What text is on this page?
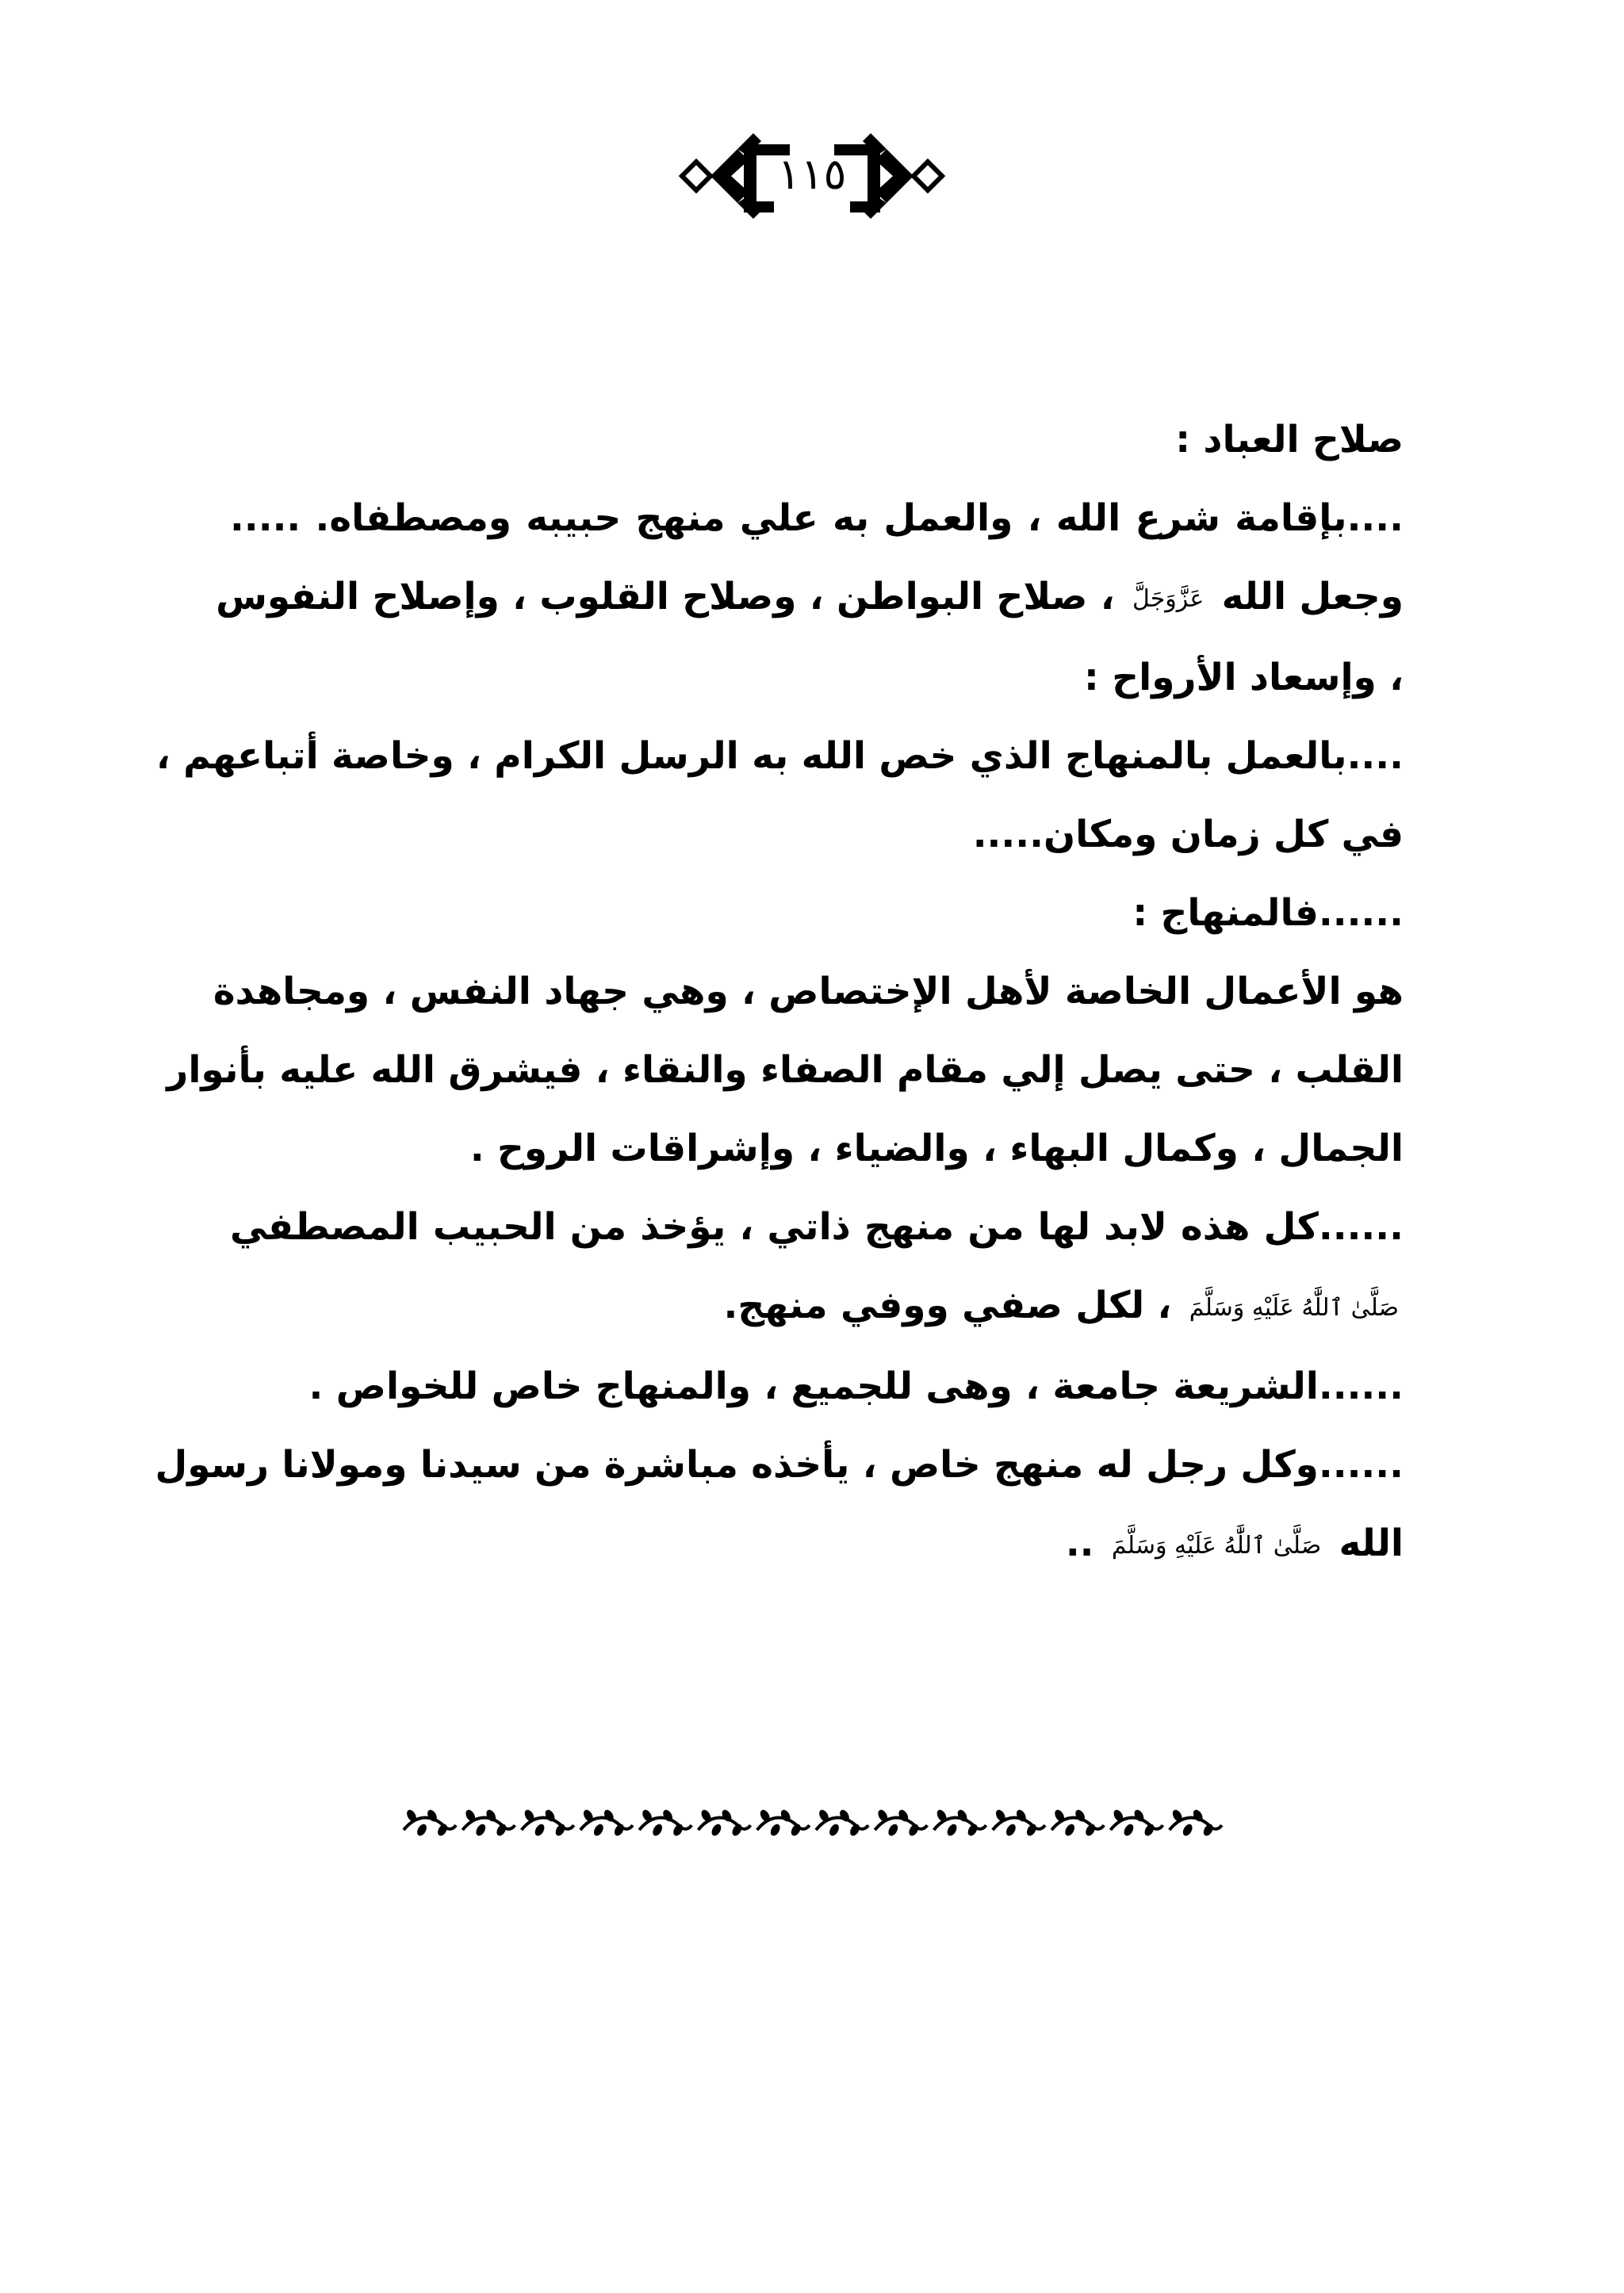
١١٥
صلاح العباد :
....بإقامة شرع الله ، والعمل به علي منهج حبيبه ومصطفاه. .....
وجعل الله عَزَّوَجَلَّ ، صلاح البواطن ، وصلاح القلوب ، وإصلاح النفوس
، وإسعاد الأرواح :
....بالعمل بالمنهاج الذي خص الله به الرسل الكرام ، وخاصة أتباعهم ،
في كل زمان ومكان.....
......فالمنهاج :
هو الأعمال الخاصة لأهل الإختصاص ، وهي جهاد النفس ، ومجاهدة
القلب ، حتى يصل إلي مقام الصفاء والنقاء ، فيشرق الله عليه بأنوار
الجمال ، وكمال البهاء ، والضياء ، وإشراقات الروح .
......كل هذه لابد لها من منهج ذاتي ، يؤخذ من الحبيب المصطفي
صَلَّىٰ ٱللَّٰهُ عَلَيْهِ وَسَلَّمَ ، لكل صفي ووفي منهج.
......الشريعة جامعة ، وهى للجميع ، والمنهاج خاص للخواص .
......وكل رجل له منهج خاص ، يأخذه مباشرة من سيدنا ومولانا رسول
الله صَلَّىٰ ٱللَّٰهُ عَلَيْهِ وَسَلَّمَ ..
